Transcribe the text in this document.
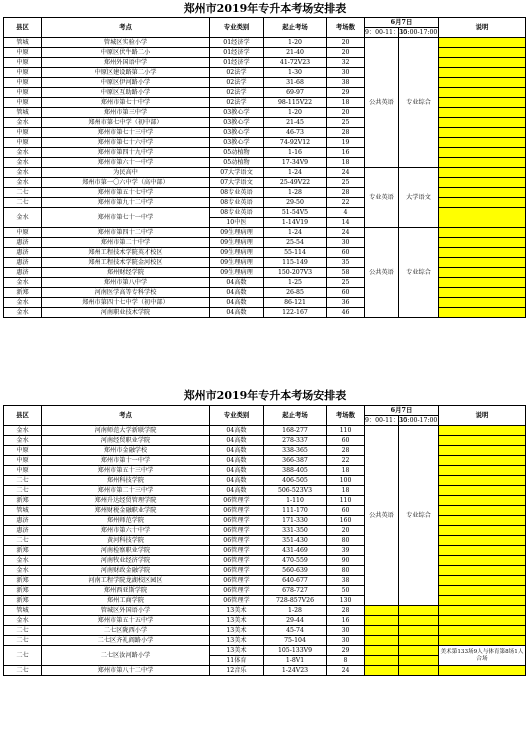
郑州市2019年专升本考场安排表
县区	考点	专业类别	起止考场	考场数	6月7日		说明
					9：00-11：30	15:00-17:00	
管城	管城区实验小学	01经济学	1-20	20	公共英语	专业综合	
中原	中原区伏牛路二小	01经济学	21-40	20			
中原	郑州外国语中学	01经济学	41-72V23	32			
中原	中原区建设路第二小学	02法学	1-30	30			
中原	中原区伊河路小学	02法学	31-68	38			
中原	中原区互助路小学	02法学	69-97	29			
中原	郑州市第七十中学	02法学	98-115V22	18			
管城	郑州市第三中学	03教心学	1-20	20			
金水	郑州市第七中学（初中部）	03教心学	21-45	25			
中原	郑州市第七十三中学	03教心学	46-73	28			
中原	郑州市第七十六中学	03教心学	74-92V12	19			
金水	郑州市第四十九中学	05动植物	1-16	16			
金水	郑州市第六十一中学	05动植物	17-34V9	18			
金水	为民高中	07大学语文	1-24	24	专业英语	大学语文	
金水	郑州市第一〇六中学（高中部）	07大学语文	25-49V22	25			
二七	郑州市第五十七中学	08专业英语	1-28	28			
二七	郑州市第九十二中学	08专业英语	29-50	22			
金水	郑州市第七十一中学	08专业英语	51-54V5	4			
		10中医	1-14V19	14			
中原	郑州市第四十二中学	09生理病理	1-24	24	公共英语	专业综合	
惠济	郑州市第二十中学	09生理病理	25-54	30			
惠济	郑州工程技术学院英才校区	09生理病理	55-114	60			
惠济	郑州工程技术学院金河校区	09生理病理	115-149	35			
惠济	郑州财经学院	09生理病理	150-207V3	58			
金水	郑州市第八中学	04高数	1-25	25			
新郑	河南医学高等专科学校	04高数	26-85	60			
金水	郑州市第四十七中学（初中部）	04高数	86-121	36			
金水	河南职业技术学院	04高数	122-167	46			
郑州市2019年专升本考场安排表
县区	考点	专业类别	起止考场	考场数	6月7日		说明
					9：00-11：30	15:00-17:00	
金水	河南师范大学新联学院	04高数	168-277	110	公共英语	专业综合	
金水	河南经贸职业学院	04高数	278-337	60			
中原	郑州市金融学校	04高数	338-365	28			
中原	郑州市第十一中学	04高数	366-387	22			
中原	郑州市第五十三中学	04高数	388-405	18			
二七	郑州科技学院	04高数	406-505	100			
二七	郑州市第二十三中学	04高数	506-523V3	18			
新郑	郑州升达经贸管理学院	06管理学	1-110	110			
管城	郑州财税金融职业学院	06管理学	111-170	60			
惠济	郑州师范学院	06管理学	171-330	160			
惠济	郑州市第六十中学	06管理学	331-350	20			
二七	黄河科技学院	06管理学	351-430	80			
新郑	河南检察职业学院	06管理学	431-469	39			
金水	河南牧业经济学院	06管理学	470-559	90			
金水	河南财政金融学院	06管理学	560-639	80			
新郑	河南工程学院龙湖校区园区	06管理学	640-677	38			
新郑	郑州西亚斯学院	06管理学	678-727	50			
新郑	郑州工商学院	06管理学	728-857V26	130			
管城	管城区外国语小学	13美术	1-28	28			
金水	郑州市第五十五中学	13美术	29-44	16			
二七	二七区陇西小学	13美术	45-74	30			
二七	二七区齐礼阎路小学	13美术	75-104	30			
二七	二七区汝河路小学	13美术	105-133V9	29			美术第133场9人与体育第8场1人合场
		11体育	1-8V1	8			
二七	郑州市第八十二中学	12音乐	1-24V23	24			
